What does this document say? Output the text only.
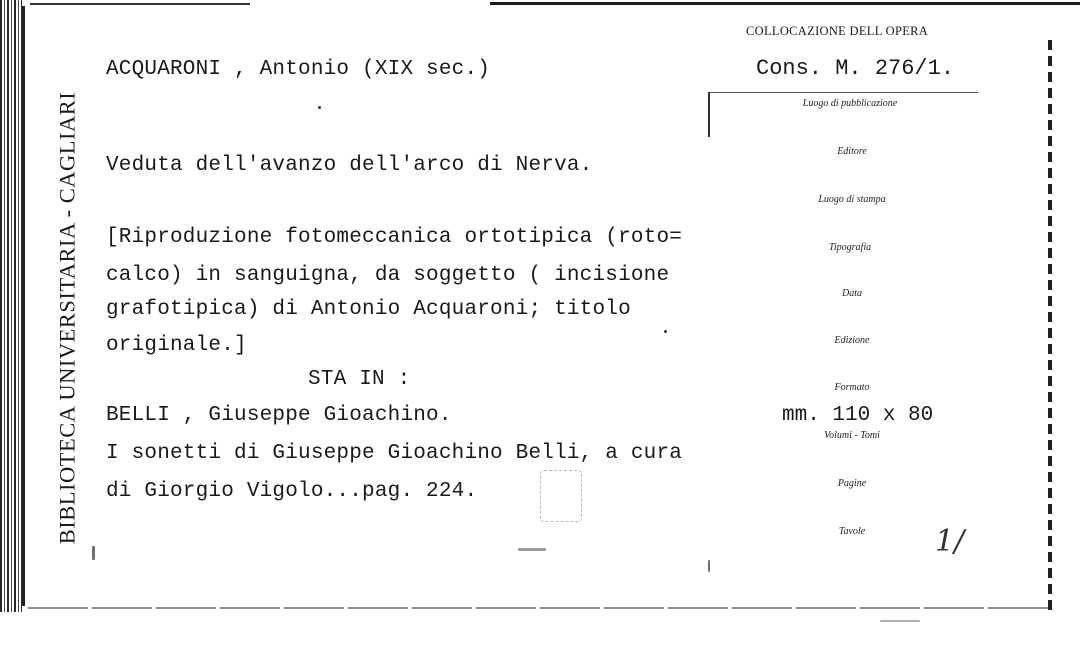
BIBLIOTECA UNIVERSITARIA - CAGLIARI
ACQUARONI , Antonio (XIX sec.)
Veduta dell'avanzo dell'arco di Nerva.
[Riproduzione fotomeccanica ortotipica (roto=
calco) in sanguigna, da soggetto ( incisione
grafotipica) di Antonio Acquaroni; titolo
originale.]
STA IN :
BELLI , Giuseppe Gioachino.
I sonetti di Giuseppe Gioachino Belli, a cura
di Giorgio Vigolo...pag. 224.
COLLOCAZIONE DELL OPERA
Cons. M. 276/1.
Luogo di pubblicazione
Editore
Luogo di stampa
Tipografia
Data
Edizione
Formato
mm. 110 x 80
Volumi - Tomi
Pagine
Tavole	1/
